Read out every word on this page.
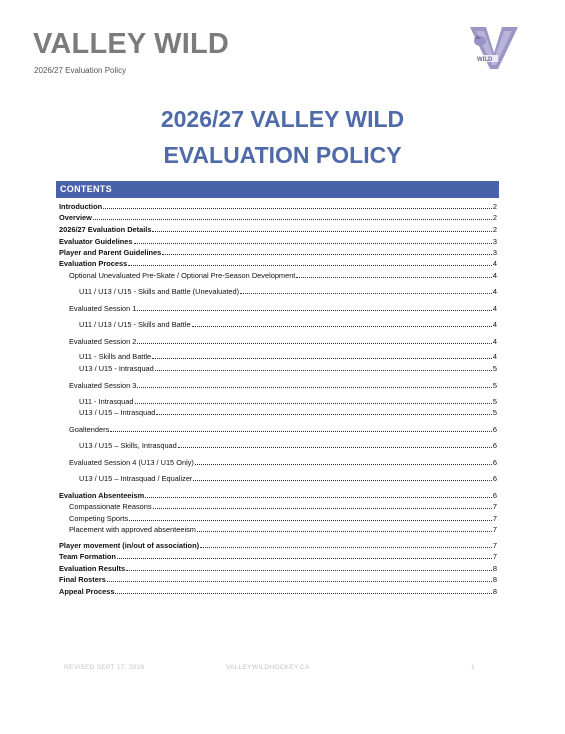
VALLEY WILD
2026/27 Evaluation Policy
WILD
2026/27 VALLEY WILD
EVALUATION POLICY
CONTENTS
Introduction	2
Overview	2
2026/27 Evaluation Details	2
Evaluator Guidelines	3
Player and Parent Guidelines	3
Evaluation Process	4
Optional Unevaluated Pre-Skate / Optional Pre-Season Development	4
U11 / U13 / U15 - Skills and Battle (Unevaluated)	4
Evaluated Session 1	4
U11 / U13 / U15 - Skills and Battle	4
Evaluated Session 2	4
U11 - Skills and Battle	4
U13 / U15 - Intrasquad	5
Evaluated Session 3	5
U11 - Intrasquad	5
U13 / U15 – Intrasquad	5
Goaltenders	6
U13 / U15 – Skills, Intrasquad	6
Evaluated Session 4 (U13 / U15 Only)	6
U13 / U15 – Intrasquad / Equalizer	6
Evaluation Absenteeism	6
Compassionate Reasons	7
Competing Sports	7
Placement with approved absenteeism	7
Player movement (in/out of association)	7
Team Formation	7
Evaluation Results	8
Final Rosters	8
Appeal Process	8
REVISED SEPT 17, 2026	VALLEYWILDHOCKEY.CA	1
